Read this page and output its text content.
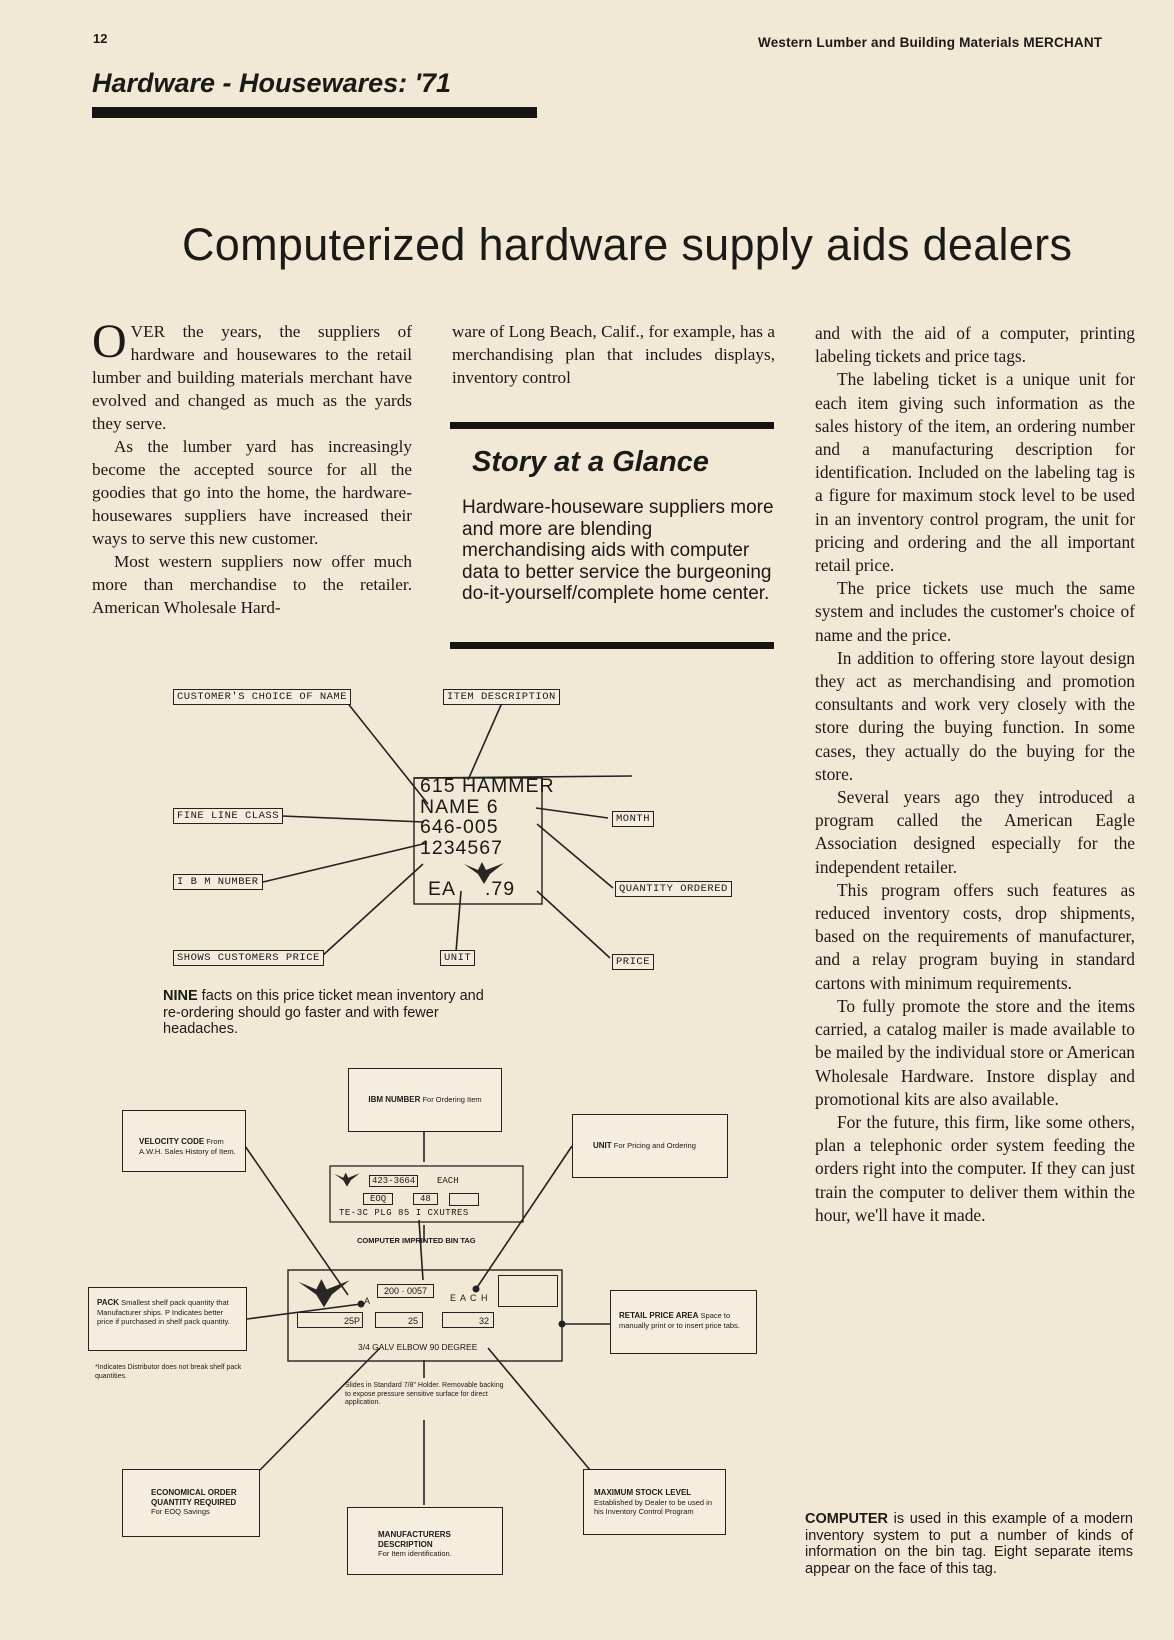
12	Western Lumber and Building Materials MERCHANT
Hardware - Housewares: '71
Computerized hardware supply aids dealers

OVER the years, the suppliers of hardware and housewares to the retail lumber and building materials merchant have evolved and changed as much as the yards they serve.

As the lumber yard has increasingly become the accepted source for all the goodies that go into the home, the hardware-housewares suppliers have increased their ways to serve this new customer.

Most western suppliers now offer much more than merchandise to the retailer. American Wholesale Hard-

ware of Long Beach, Calif., for example, has a merchandising plan that includes displays, inventory control

Story at a Glance
Hardware-houseware suppliers more and more are blending merchandising aids with computer data to better service the burgeoning do-it-yourself/complete home center.

and with the aid of a computer, printing labeling tickets and price tags.

The labeling ticket is a unique unit for each item giving such information as the sales history of the item, an ordering number and a manufacturing description for identification. Included on the labeling tag is a figure for maximum stock level to be used in an inventory control program, the unit for pricing and ordering and the all important retail price.

The price tickets use much the same system and includes the customer's choice of name and the price.

In addition to offering store layout design they act as merchandising and promotion consultants and work very closely with the store during the buying function. In some cases, they actually do the buying for the store.

Several years ago they introduced a program called the American Eagle Association designed especially for the independent retailer.

This program offers such features as reduced inventory costs, drop shipments, based on the requirements of manufacturer, and a relay program buying in standard cartons with minimum requirements.

To fully promote the store and the items carried, a catalog mailer is made available to be mailed by the individual store or American Wholesale Hardware. Instore display and promotional kits are also available.

For the future, this firm, like some others, plan a telephonic order system feeding the orders right into the computer. If they can just train the computer to deliver them within the hour, we'll have it made.

CUSTOMER'S CHOICE OF NAME	ITEM DESCRIPTION
FINE LINE CLASS
I B M NUMBER
SHOWS CUSTOMERS PRICE	UNIT
MONTH
QUANTITY ORDERED
PRICE
615 HAMMER
NAME 6
646-005
1234567
EA .79
NINE facts on this price ticket mean inventory and re-ordering should go faster and with fewer headaches.
IBM NUMBER For Ordering Item
VELOCITY CODE From A.W.H. Sales History of Item.
UNIT For Pricing and Ordering
PACK Smallest shelf pack quantity that Manufacturer ships. P Indicates better price if purchased in shelf pack quantity.
*Indicates Distributor does not break shelf pack quantities.
RETAIL PRICE AREA Space to manually print or to insert price tabs.
ECONOMICAL ORDER QUANTITY REQUIRED
For EOQ Savings
MAXIMUM STOCK LEVEL
Established by Dealer to be used in his Inventory Control Program
MANUFACTURERS DESCRIPTION
For Item identification.
Slides in Standard 7/8" Holder. Removable backing to expose pressure sensitive surface for direct application.
423-3664	EACH
EOQ	48
TE-3C PLG 85 I CXUTRES
COMPUTER IMPRINTED BIN TAG
A
200 · 0057
E A C H
25P	25	32
3/4 GALV ELBOW 90 DEGREE
COMPUTER is used in this example of a modern inventory system to put a number of kinds of information on the bin tag. Eight separate items appear on the face of this tag.
